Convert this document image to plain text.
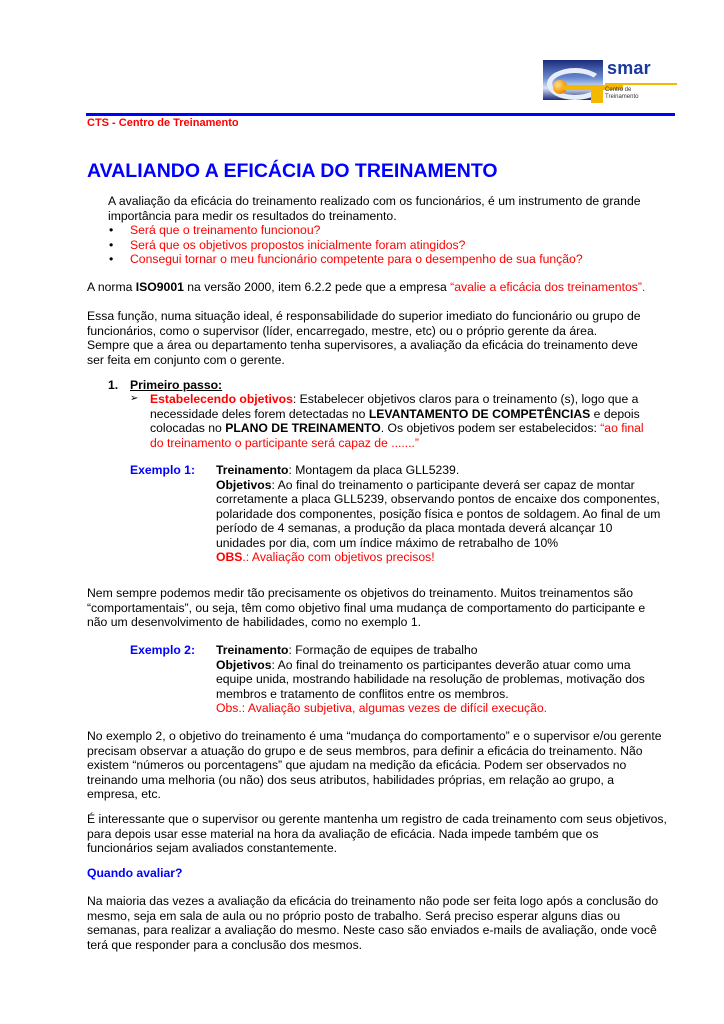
smar
Centro de
Treinamento
CTS - Centro de Treinamento
AVALIANDO A EFICÁCIA DO TREINAMENTO
A avaliação da eficácia do treinamento realizado com os funcionários, é um instrumento de grande importância para medir os resultados do treinamento.
• Será que o treinamento funcionou?
• Será que os objetivos propostos inicialmente foram atingidos?
• Consegui tornar o meu funcionário competente para o desempenho de sua função?
A norma ISO9001 na versão 2000, item 6.2.2 pede que a empresa “avalie a eficácia dos treinamentos”.
Essa função, numa situação ideal, é responsabilidade do superior imediato do funcionário ou grupo de funcionários, como o supervisor (líder, encarregado, mestre, etc) ou o próprio gerente da área.
Sempre que a área ou departamento tenha supervisores, a avaliação da eficácia do treinamento deve ser feita em conjunto com o gerente.
1. Primeiro passo:
➢ Estabelecendo objetivos: Estabelecer objetivos claros para o treinamento (s), logo que a necessidade deles forem detectadas no LEVANTAMENTO DE COMPETÊNCIAS e depois colocadas no PLANO DE TREINAMENTO. Os objetivos podem ser estabelecidos: “ao final do treinamento o participante será capaz de .......”
Exemplo 1: Treinamento: Montagem da placa GLL5239.
Objetivos: Ao final do treinamento o participante deverá ser capaz de montar corretamente a placa GLL5239, observando pontos de encaixe dos componentes, polaridade dos componentes, posição física e pontos de soldagem. Ao final de um período de 4 semanas, a produção da placa montada deverá alcançar 10 unidades por dia, com um índice máximo de retrabalho de 10%
OBS.: Avaliação com objetivos precisos!
Nem sempre podemos medir tão precisamente os objetivos do treinamento. Muitos treinamentos são “comportamentais”, ou seja, têm como objetivo final uma mudança de comportamento do participante e não um desenvolvimento de habilidades, como no exemplo 1.
Exemplo 2: Treinamento: Formação de equipes de trabalho
Objetivos: Ao final do treinamento os participantes deverão atuar como uma equipe unida, mostrando habilidade na resolução de problemas, motivação dos membros e tratamento de conflitos entre os membros.
Obs.: Avaliação subjetiva, algumas vezes de difícil execução.
No exemplo 2, o objetivo do treinamento é uma “mudança do comportamento” e o supervisor e/ou gerente precisam observar a atuação do grupo e de seus membros, para definir a eficácia do treinamento. Não existem “números ou porcentagens” que ajudam na medição da eficácia. Podem ser observados no treinando uma melhoria (ou não) dos seus atributos, habilidades próprias, em relação ao grupo, a empresa, etc.
É interessante que o supervisor ou gerente mantenha um registro de cada treinamento com seus objetivos, para depois usar esse material na hora da avaliação de eficácia. Nada impede também que os funcionários sejam avaliados constantemente.
Quando avaliar?
Na maioria das vezes a avaliação da eficácia do treinamento não pode ser feita logo após a conclusão do mesmo, seja em sala de aula ou no próprio posto de trabalho. Será preciso esperar alguns dias ou semanas, para realizar a avaliação do mesmo. Neste caso são enviados e-mails de avaliação, onde você terá que responder para a conclusão dos mesmos.
